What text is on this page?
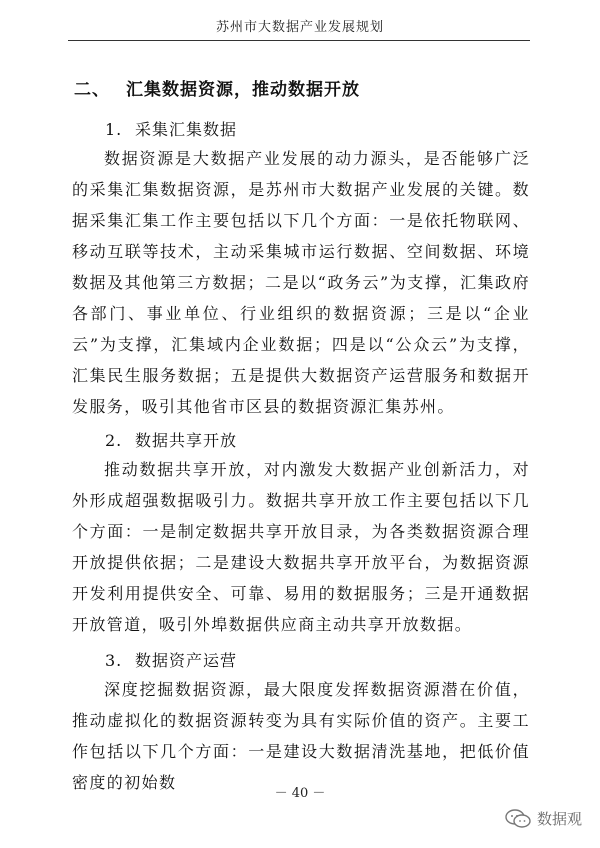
苏州市大数据产业发展规划
二、 汇集数据资源，推动数据开放
1. 采集汇集数据

数据资源是大数据产业发展的动力源头，是否能够广泛的采集汇集数据资源，是苏州市大数据产业发展的关键。数据采集汇集工作主要包括以下几个方面：一是依托物联网、移动互联等技术，主动采集城市运行数据、空间数据、环境数据及其他第三方数据；二是以“政务云”为支撑，汇集政府各部门、事业单位、行业组织的数据资源；三是以“企业云”为支撑，汇集域内企业数据；四是以“公众云”为支撑，汇集民生服务数据；五是提供大数据资产运营服务和数据开发服务，吸引其他省市区县的数据资源汇集苏州。

2. 数据共享开放

推动数据共享开放，对内激发大数据产业创新活力，对外形成超强数据吸引力。数据共享开放工作主要包括以下几个方面：一是制定数据共享开放目录，为各类数据资源合理开放提供依据；二是建设大数据共享开放平台，为数据资源开发利用提供安全、可靠、易用的数据服务；三是开通数据开放管道，吸引外埠数据供应商主动共享开放数据。

3. 数据资产运营

深度挖掘数据资源，最大限度发挥数据资源潜在价值，推动虚拟化的数据资源转变为具有实际价值的资产。主要工作包括以下几个方面：一是建设大数据清洗基地，把低价值密度的初始数

－ 40 －
数据观
